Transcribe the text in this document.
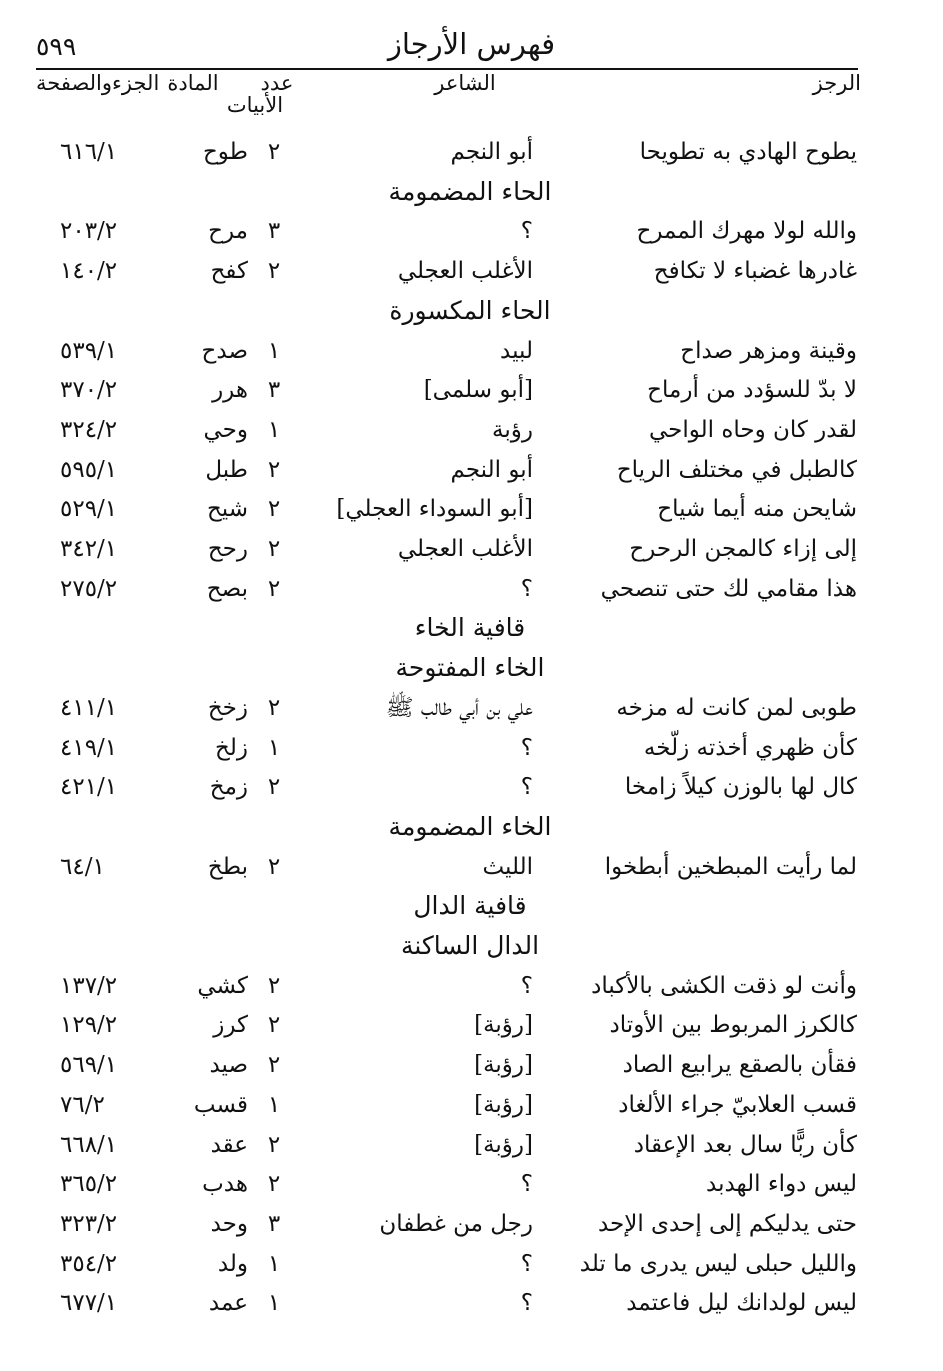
٥٩٩	فهرس الأرجاز
الرجز
الشاعر
عدد
الأبيات
المادة
الجزءوالصفحة
يطوح الهادي به تطويحا
أبو النجم
٢
طوح
٦١٦/١
الحاء المضمومة
والله لولا مهرك الممرح
؟
٣
مرح
٢٠٣/٢
غادرها غضباء لا تكافح
الأغلب العجلي
٢
كفح
١٤٠/٢
الحاء المكسورة
وقينة ومزهر صداح
لبيد
١
صدح
٥٣٩/١
لا بدّ للسؤدد من أرماح
[أبو سلمى]
٣
هرر
٣٧٠/٢
لقدر كان وحاه الواحي
رؤبة
١
وحي
٣٢٤/٢
كالطبل في مختلف الرياح
أبو النجم
٢
طبل
٥٩٥/١
شايحن منه أيما شياح
[أبو السوداء العجلي]
٢
شيح
٥٢٩/١
إلى إزاء كالمجن الرحرح
الأغلب العجلي
٢
رحح
٣٤٢/١
هذا مقامي لك حتى تنصحي
؟
٢
بصح
٢٧٥/٢
قافية الخاء
الخاء المفتوحة
طوبى لمن كانت له مزخه
علي بن أبي طالب ﷺ
٢
زخخ
٤١١/١
كأن ظهري أخذته زلّخه
؟
١
زلخ
٤١٩/١
كال لها بالوزن كيلاً زامخا
؟
٢
زمخ
٤٢١/١
الخاء المضمومة
لما رأيت المبطخين أبطخوا
الليث
٢
بطخ
٦٤/١
قافية الدال
الدال الساكنة
وأنت لو ذقت الكشى بالأكباد
؟
٢
كشي
١٣٧/٢
كالكرز المربوط بين الأوتاد
[رؤبة]
٢
كرز
١٢٩/٢
فقأن بالصقع يرابيع الصاد
[رؤبة]
٢
صيد
٥٦٩/١
قسب العلابيّ جراء الألغاد
[رؤبة]
١
قسب
٧٦/٢
كأن ربًّا سال بعد الإعقاد
[رؤبة]
٢
عقد
٦٦٨/١
ليس دواء الهدبد
؟
٢
هدب
٣٦٥/٢
حتى يدليكم إلى إحدى الإحد
رجل من غطفان
٣
وحد
٣٢٣/٢
والليل حبلى ليس يدرى ما تلد
؟
١
ولد
٣٥٤/٢
ليس لولدانك ليل فاعتمد
؟
١
عمد
٦٧٧/١
